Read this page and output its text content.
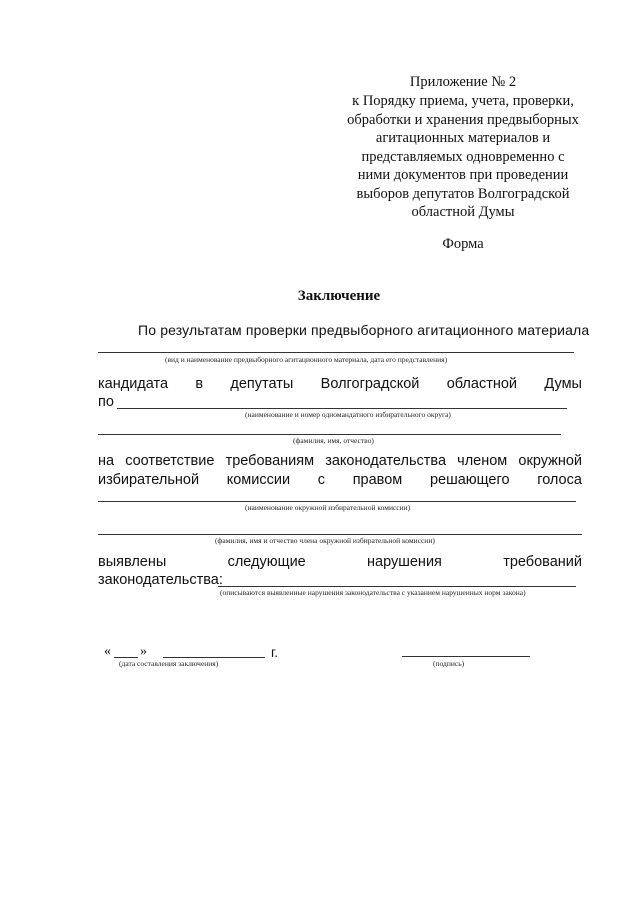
Приложение № 2
к Порядку приема, учета, проверки,
обработки и хранения предвыборных
агитационных материалов и
представляемых одновременно с
ними документов при проведении
выборов депутатов Волгоградской
областной Думы
Форма
Заключение
По результатам проверки предвыборного агитационного материала
(вид и наименование предвыборного агитационного материала, дата его представления)
кандидата в депутаты Волгоградской областной Думы
по
(наименование и номер одномандатного избирательного округа)
(фамилия, имя, отчество)
на соответствие требованиям законодательства членом окружной
избирательной комиссии с правом решающего голоса
(наименование окружной избирательной комиссии)
(фамилия, имя и отчество члена окружной избирательной комиссии)
выявлены	следующие	нарушения	требований
законодательства:
(описываются выявленные нарушения законодательства с указанием нарушенных норм закона)
« »	г.
(дата составления заключения)	(подпись)
